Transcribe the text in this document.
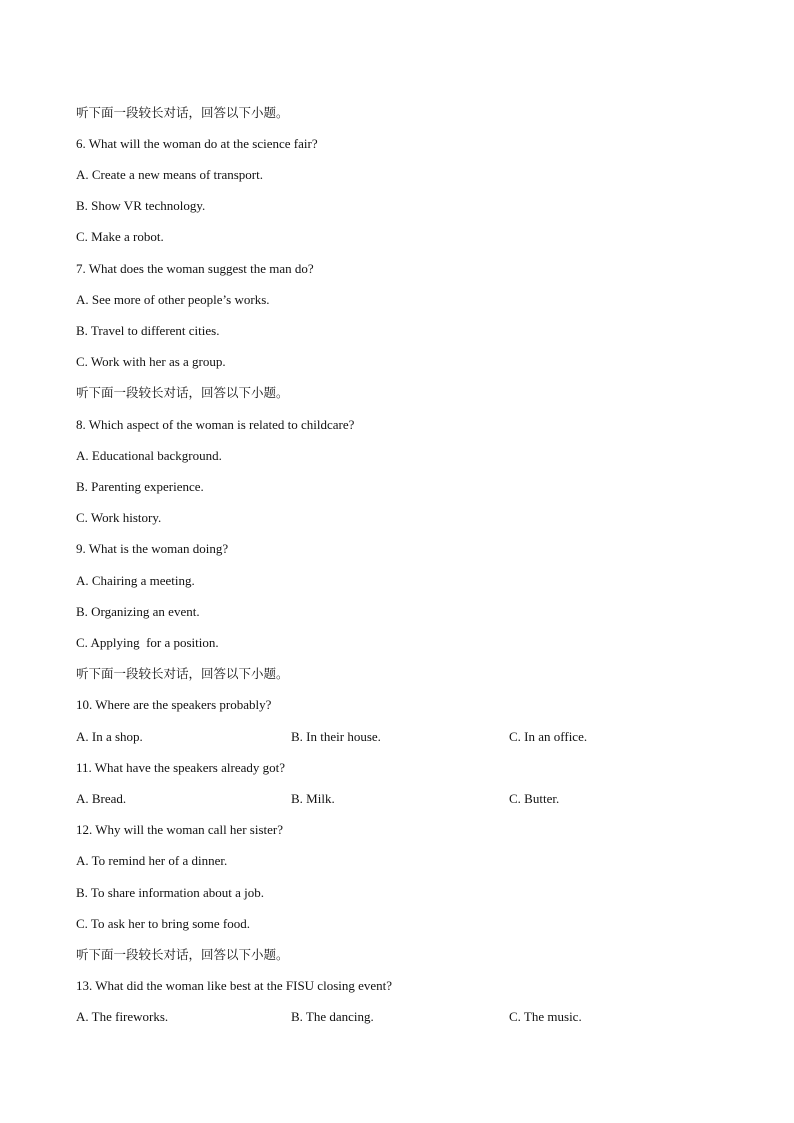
听下面一段较长对话，回答以下小题。
6. What will the woman do at the science fair?
A. Create a new means of transport.
B. Show VR technology.
C. Make a robot.
7. What does the woman suggest the man do?
A. See more of other people’s works.
B. Travel to different cities.
C. Work with her as a group.
听下面一段较长对话，回答以下小题。
8. Which aspect of the woman is related to childcare?
A. Educational background.
B. Parenting experience.
C. Work history.
9. What is the woman doing?
A. Chairing a meeting.
B. Organizing an event.
C. Applying  for a position.
听下面一段较长对话，回答以下小题。
10. Where are the speakers probably?
A. In a shop.	B. In their house.	C. In an office.
11. What have the speakers already got?
A. Bread.	B. Milk.	C. Butter.
12. Why will the woman call her sister?
A. To remind her of a dinner.
B. To share information about a job.
C. To ask her to bring some food.
听下面一段较长对话，回答以下小题。
13. What did the woman like best at the FISU closing event?
A. The fireworks.	B. The dancing.	C. The music.
